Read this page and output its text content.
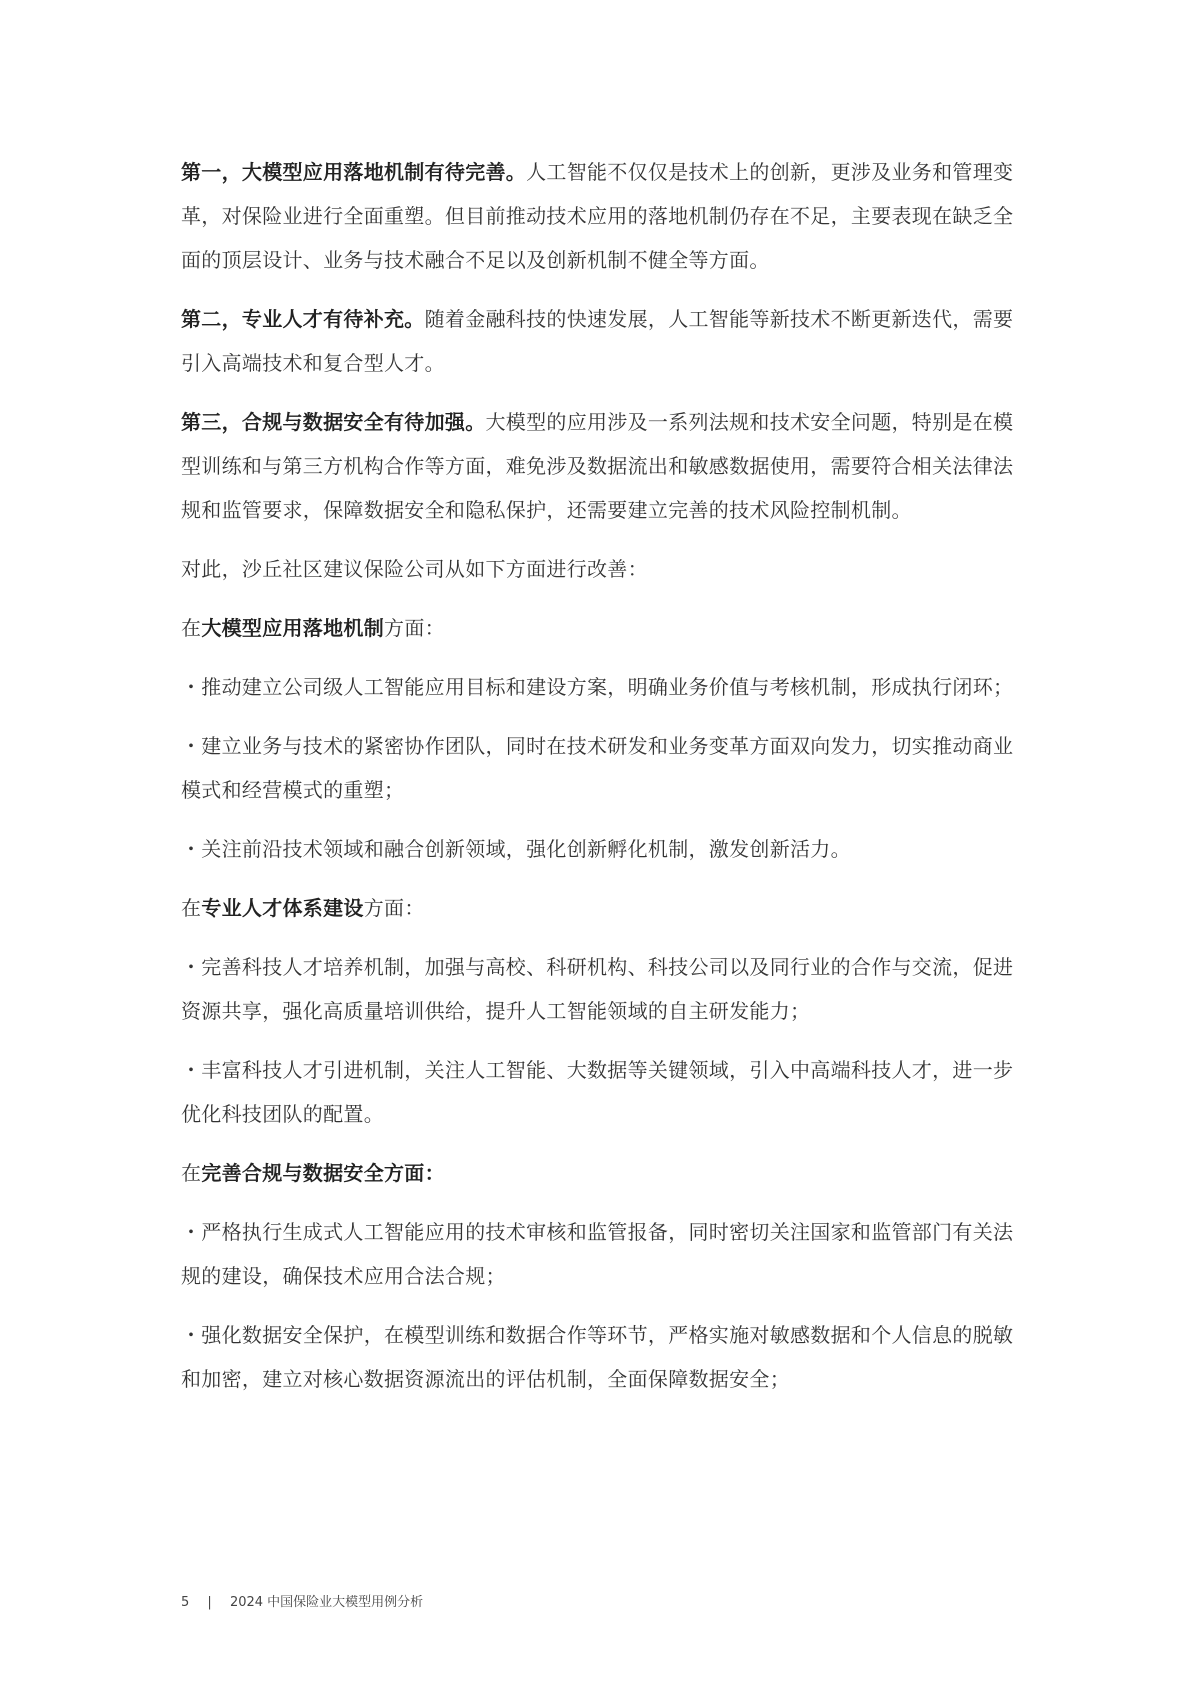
第一，大模型应用落地机制有待完善。人工智能不仅仅是技术上的创新，更涉及业务和管理变革，对保险业进行全面重塑。但目前推动技术应用的落地机制仍存在不足，主要表现在缺乏全面的顶层设计、业务与技术融合不足以及创新机制不健全等方面。

第二，专业人才有待补充。随着金融科技的快速发展，人工智能等新技术不断更新迭代，需要引入高端技术和复合型人才。

第三，合规与数据安全有待加强。大模型的应用涉及一系列法规和技术安全问题，特别是在模型训练和与第三方机构合作等方面，难免涉及数据流出和敏感数据使用，需要符合相关法律法规和监管要求，保障数据安全和隐私保护，还需要建立完善的技术风险控制机制。

对此，沙丘社区建议保险公司从如下方面进行改善：

在大模型应用落地机制方面：

・推动建立公司级人工智能应用目标和建设方案，明确业务价值与考核机制，形成执行闭环；

・建立业务与技术的紧密协作团队，同时在技术研发和业务变革方面双向发力，切实推动商业模式和经营模式的重塑；

・关注前沿技术领域和融合创新领域，强化创新孵化机制，激发创新活力。

在专业人才体系建设方面：

・完善科技人才培养机制，加强与高校、科研机构、科技公司以及同行业的合作与交流，促进资源共享，强化高质量培训供给，提升人工智能领域的自主研发能力；

・丰富科技人才引进机制，关注人工智能、大数据等关键领域，引入中高端科技人才，进一步优化科技团队的配置。

在完善合规与数据安全方面：

・严格执行生成式人工智能应用的技术审核和监管报备，同时密切关注国家和监管部门有关法规的建设，确保技术应用合法合规；

・强化数据安全保护，在模型训练和数据合作等环节，严格实施对敏感数据和个人信息的脱敏和加密，建立对核心数据资源流出的评估机制，全面保障数据安全；

5 | 2024 中国保险业大模型用例分析
